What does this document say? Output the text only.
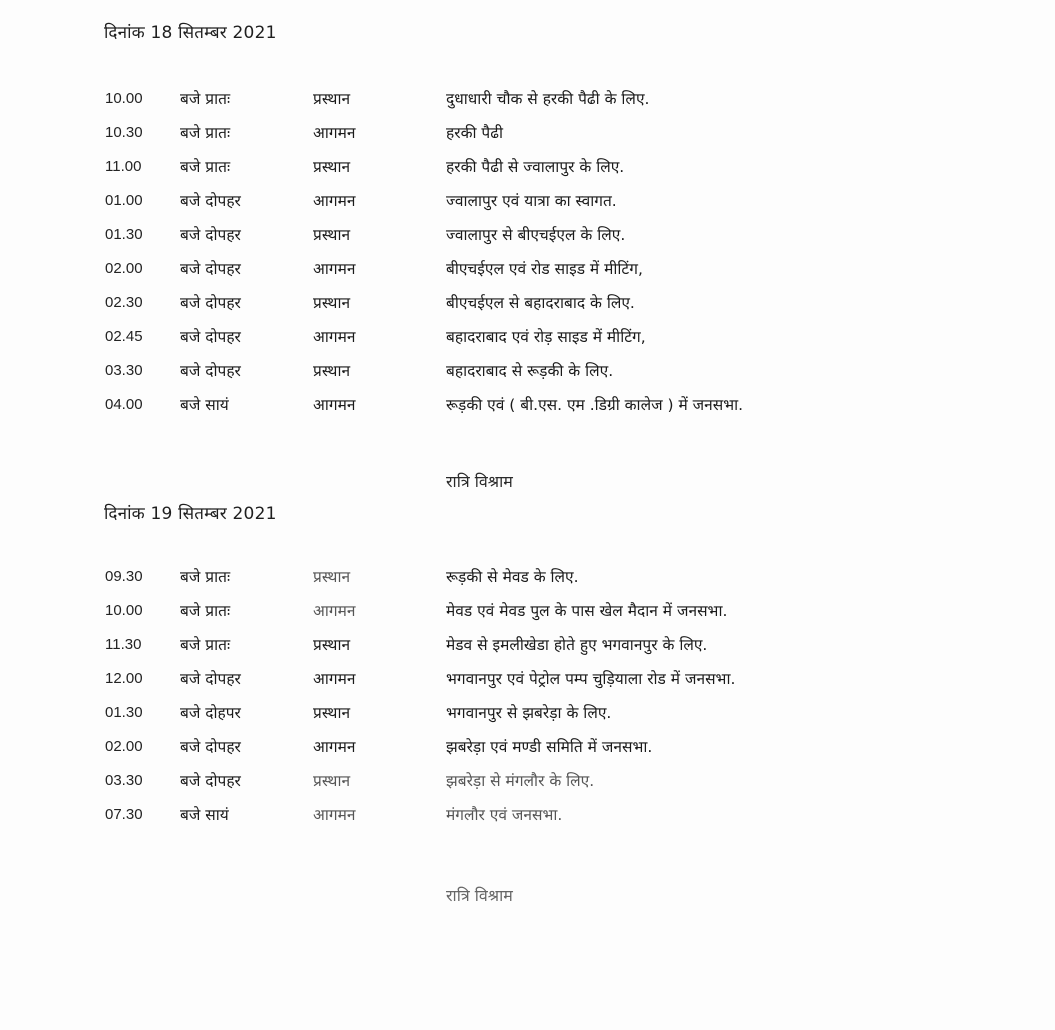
दिनांक 18 सितम्बर 2021
10.00 बजे प्रातः	प्रस्थान	दुधाधारी चौक से हरकी पैढी के लिए.
10.30 बजे प्रातः	आगमन	हरकी पैढी
11.00 बजे प्रातः	प्रस्थान	हरकी पैढी से ज्वालापुर के लिए.
01.00 बजे दोपहर	आगमन	ज्वालापुर एवं यात्रा का स्वागत.
01.30 बजे दोपहर	प्रस्थान	ज्वालापुर से बीएचईएल के लिए.
02.00 बजे दोपहर	आगमन	बीएचईएल एवं रोड साइड में मीटिंग,
02.30 बजे दोपहर	प्रस्थान	बीएचईएल से बहादराबाद के लिए.
02.45 बजे दोपहर	आगमन	बहादराबाद एवं रोड़ साइड में मीटिंग,
03.30 बजे दोपहर	प्रस्थान	बहादराबाद से रूड़की के लिए.
04.00 बजे सायं	आगमन	रूड़की एवं ( बी.एस. एम .डिग्री कालेज ) में जनसभा.
रात्रि विश्राम
दिनांक 19 सितम्बर 2021
09.30 बजे प्रातः	प्रस्थान	रूड़की से मेवड के लिए.
10.00 बजे प्रातः	आगमन	मेवड एवं मेवड पुल के पास खेल मैदान में जनसभा.
11.30 बजे प्रातः	प्रस्थान	मेडव से इमलीखेडा होते हुए भगवानपुर के लिए.
12.00 बजे दोपहर	आगमन	भगवानपुर एवं पेट्रोल पम्प चुड़ियाला रोड में जनसभा.
01.30 बजे दोहपर	प्रस्थान	भगवानपुर से झबरेड़ा के लिए.
02.00 बजे दोपहर	आगमन	झबरेड़ा एवं मण्डी समिति में जनसभा.
03.30 बजे दोपहर	प्रस्थान	झबरेड़ा से मंगलौर के लिए.
07.30 बजे सायं	आगमन	मंगलौर एवं जनसभा.
रात्रि विश्राम
